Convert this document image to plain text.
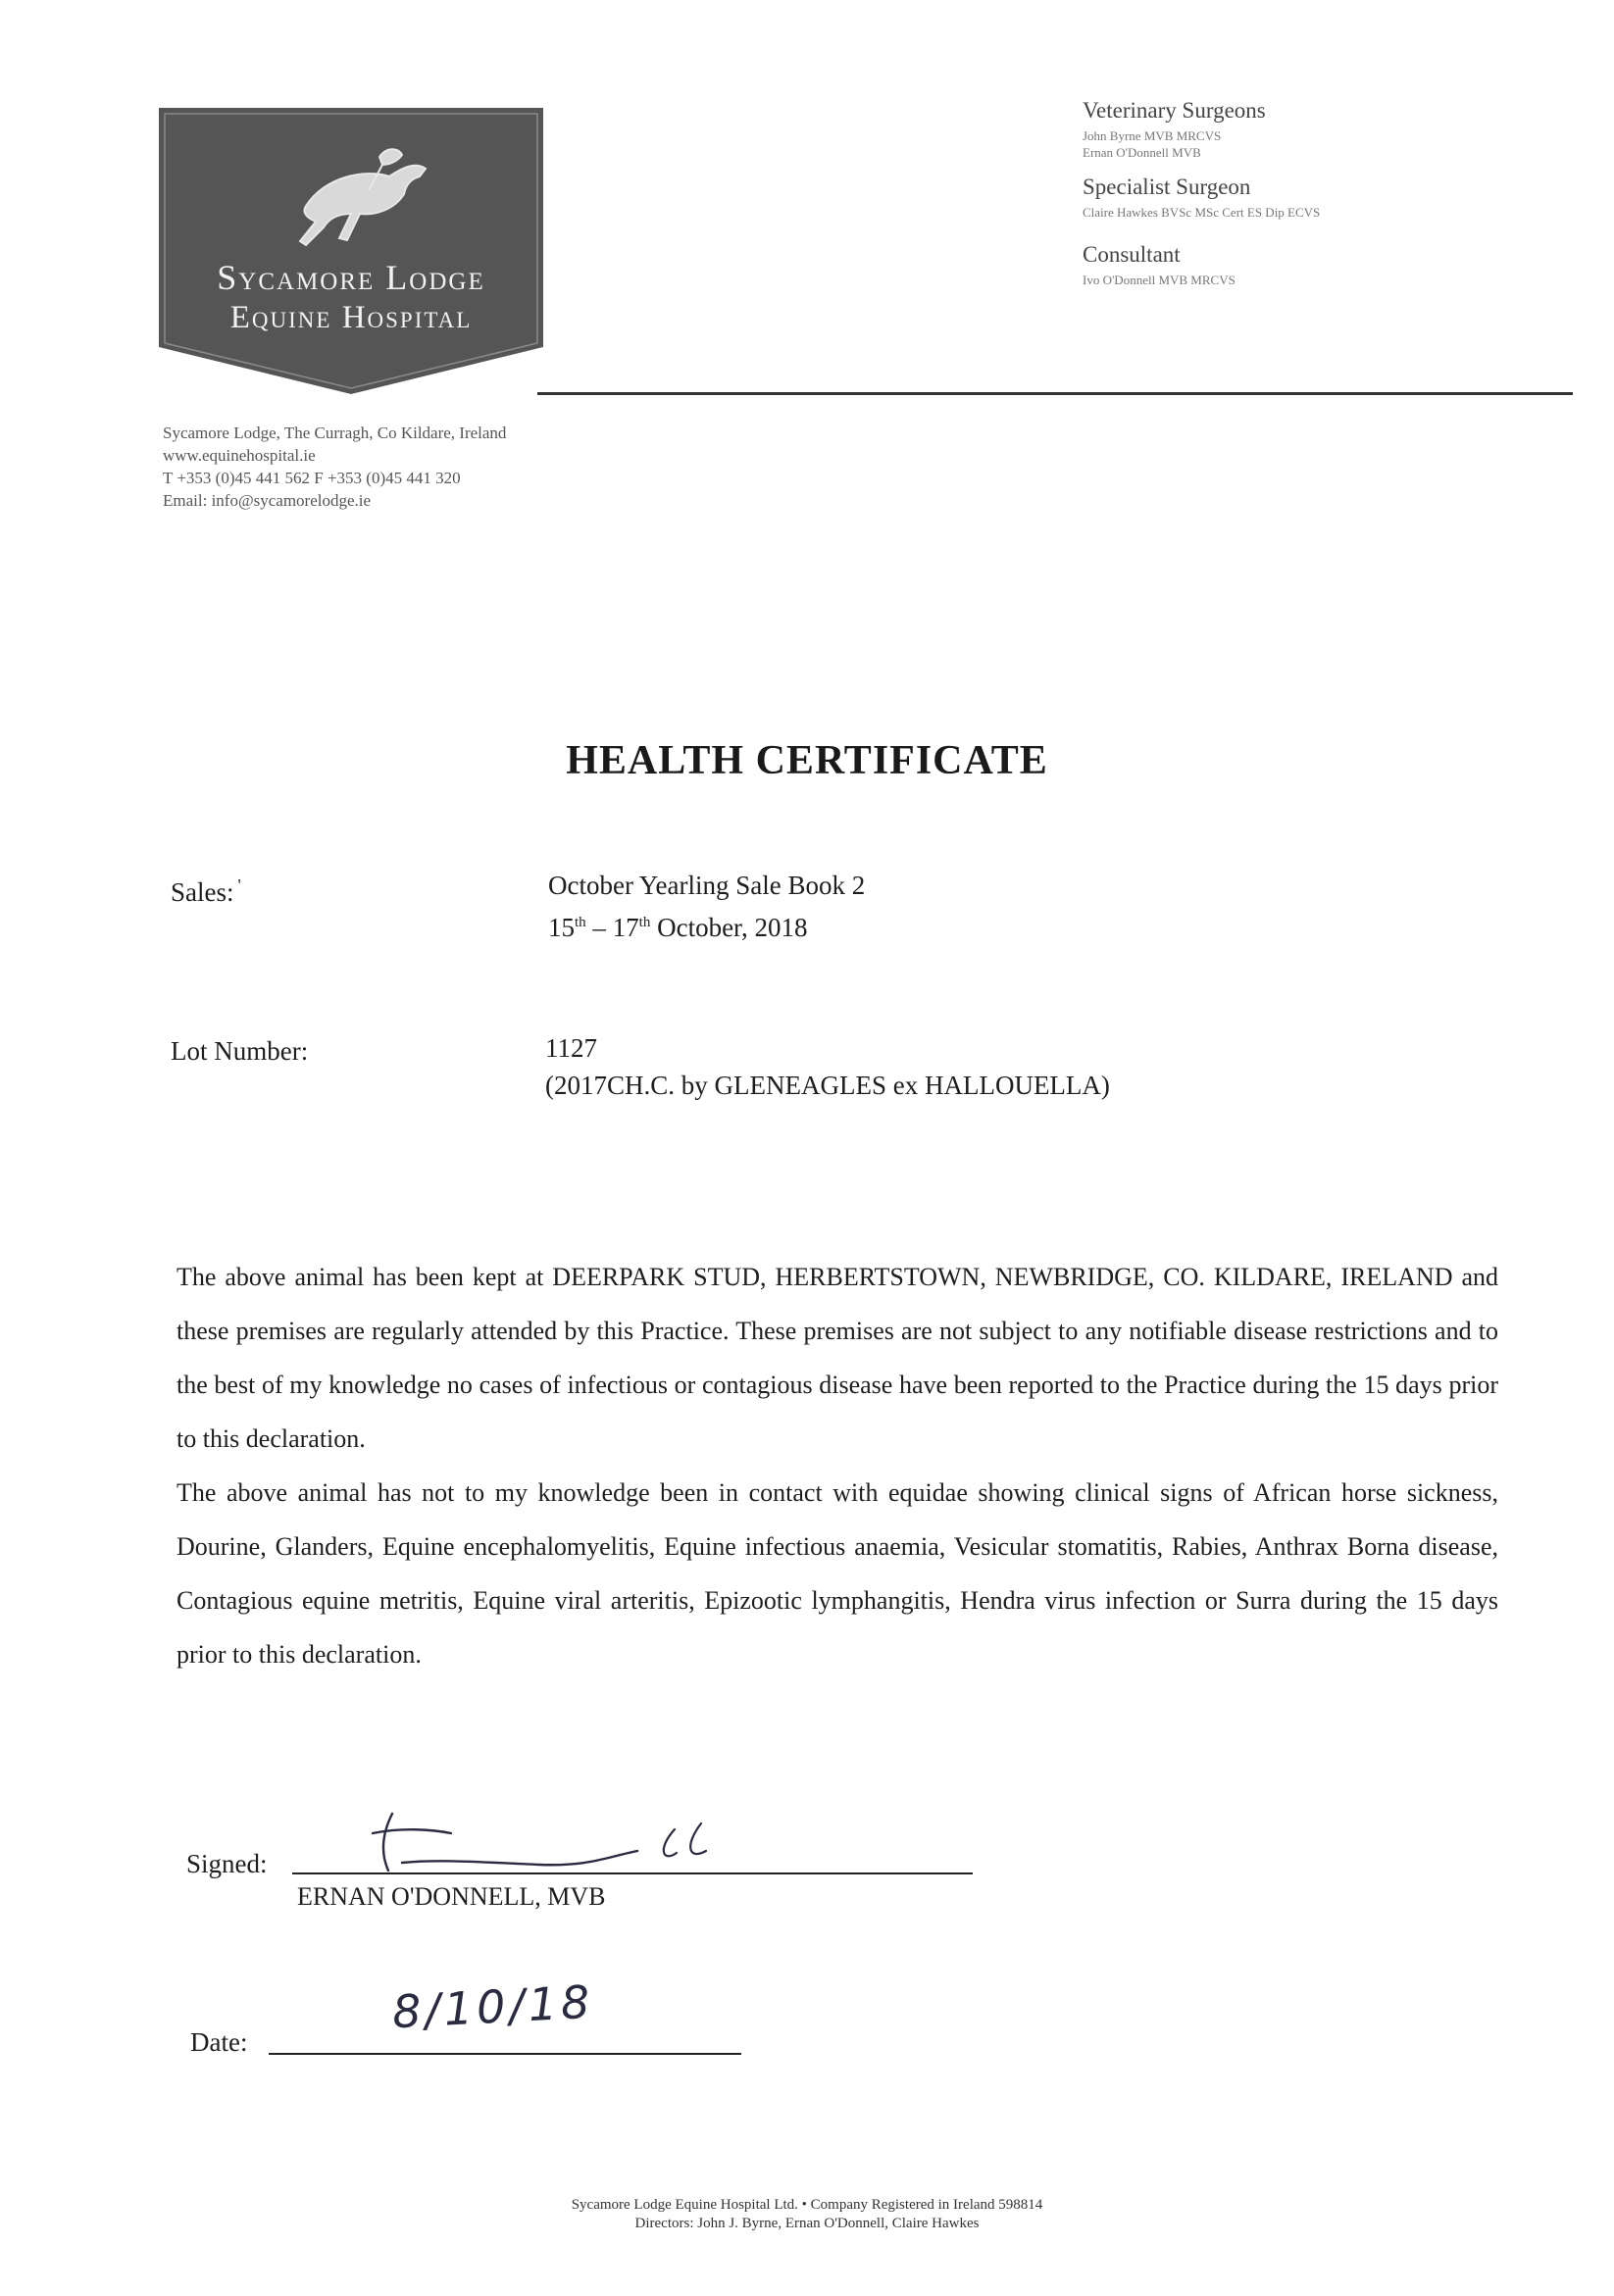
Sycamore Lodge
Equine Hospital
Veterinary Surgeons
John Byrne MVB MRCVS
Ernan O'Donnell MVB
Specialist Surgeon
Claire Hawkes BVSc MSc Cert ES Dip ECVS
Consultant
Ivo O'Donnell MVB MRCVS
Sycamore Lodge, The Curragh, Co Kildare, Ireland
www.equinehospital.ie
T +353 (0)45 441 562 F +353 (0)45 441 320
Email: info@sycamorelodge.ie
HEALTH CERTIFICATE
Sales: '	October Yearling Sale Book 2
15th – 17th October, 2018
Lot Number:	1127
(2017CH.C. by GLENEAGLES ex HALLOUELLA)

The above animal has been kept at DEERPARK STUD, HERBERTSTOWN, NEWBRIDGE, CO. KILDARE, IRELAND and these premises are regularly attended by this Practice. These premises are not subject to any notifiable disease restrictions and to the best of my knowledge no cases of infectious or contagious disease have been reported to the Practice during the 15 days prior to this declaration.

The above animal has not to my knowledge been in contact with equidae showing clinical signs of African horse sickness, Dourine, Glanders, Equine encephalomyelitis, Equine infectious anaemia, Vesicular stomatitis, Rabies, Anthrax Borna disease, Contagious equine metritis, Equine viral arteritis, Epizootic lymphangitis, Hendra virus infection or Surra during the 15 days prior to this declaration.

Signed:
ERNAN O'DONNELL, MVB
Date:
8/10/18
Sycamore Lodge Equine Hospital Ltd. • Company Registered in Ireland 598814
Directors: John J. Byrne, Ernan O'Donnell, Claire Hawkes
